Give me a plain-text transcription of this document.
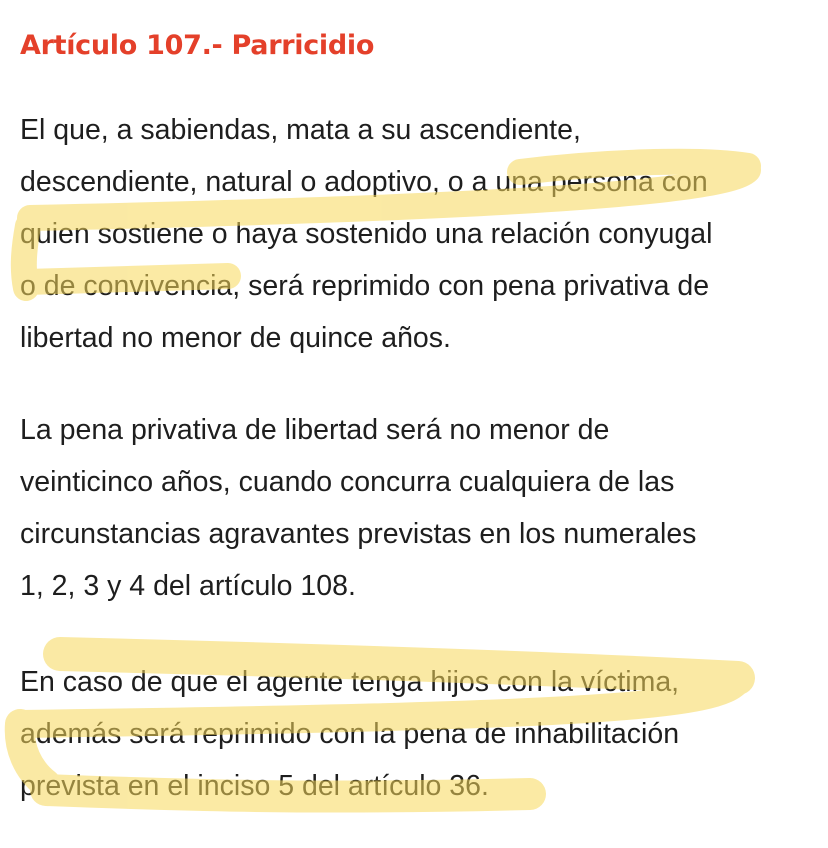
Artículo 107.- Parricidio
El que, a sabiendas, mata a su ascendiente,
descendiente, natural o adoptivo, o a una persona con
quien sostiene o haya sostenido una relación conyugal
o de convivencia, será reprimido con pena privativa de
libertad no menor de quince años.
La pena privativa de libertad será no menor de
veinticinco años, cuando concurra cualquiera de las
circunstancias agravantes previstas en los numerales
1, 2, 3 y 4 del artículo 108.
En caso de que el agente tenga hijos con la víctima,
además será reprimido con la pena de inhabilitación
prevista en el inciso 5 del artículo 36.
